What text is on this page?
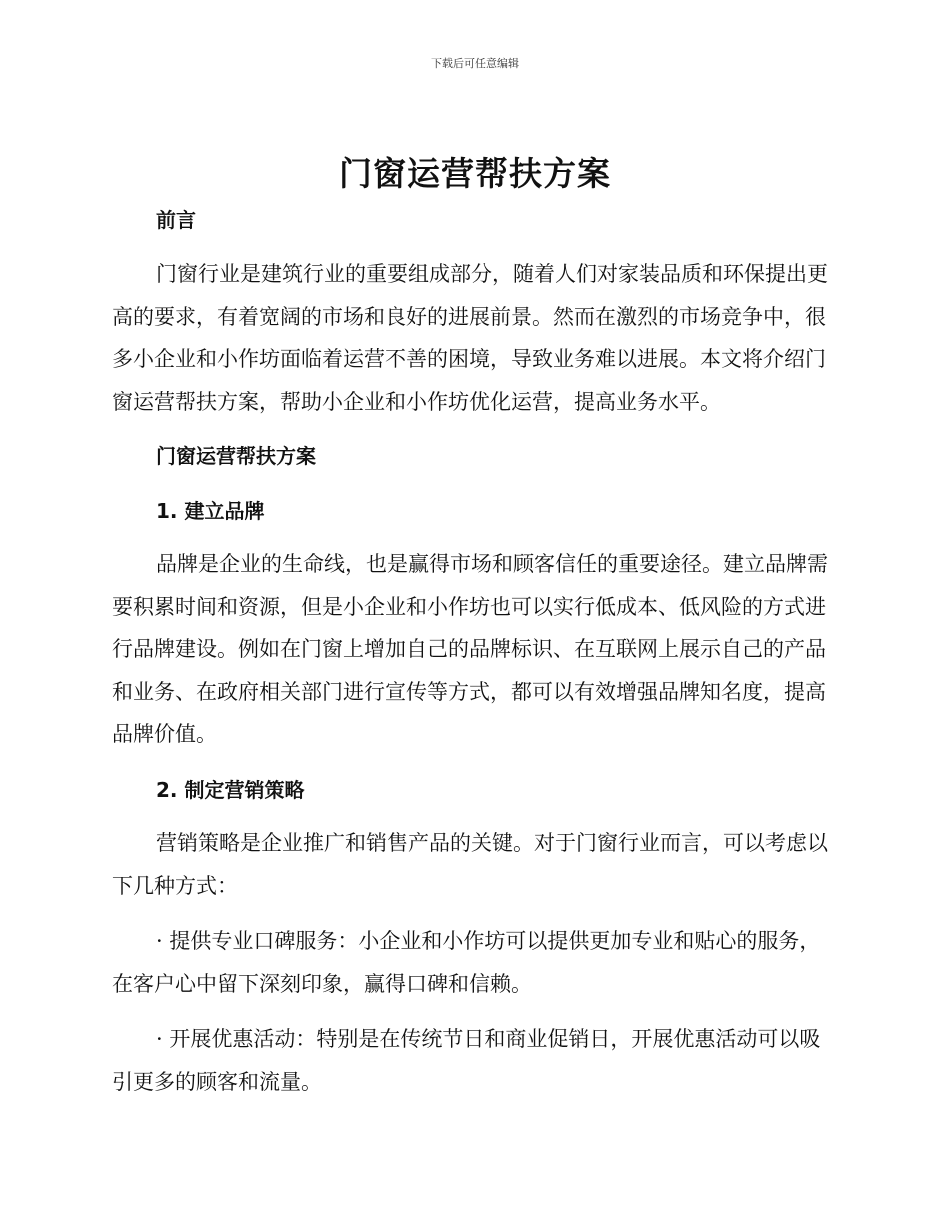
下载后可任意编辑
门窗运营帮扶方案
前言

门窗行业是建筑行业的重要组成部分，随着人们对家装品质和环保提出更高的要求，有着宽阔的市场和良好的进展前景。然而在激烈的市场竞争中，很多小企业和小作坊面临着运营不善的困境，导致业务难以进展。本文将介绍门窗运营帮扶方案，帮助小企业和小作坊优化运营，提高业务水平。

门窗运营帮扶方案
1. 建立品牌

品牌是企业的生命线，也是赢得市场和顾客信任的重要途径。建立品牌需要积累时间和资源，但是小企业和小作坊也可以实行低成本、低风险的方式进行品牌建设。例如在门窗上增加自己的品牌标识、在互联网上展示自己的产品和业务、在政府相关部门进行宣传等方式，都可以有效增强品牌知名度，提高品牌价值。

2. 制定营销策略

营销策略是企业推广和销售产品的关键。对于门窗行业而言，可以考虑以下几种方式：

· 提供专业口碑服务：小企业和小作坊可以提供更加专业和贴心的服务，在客户心中留下深刻印象，赢得口碑和信赖。

· 开展优惠活动：特别是在传统节日和商业促销日，开展优惠活动可以吸引更多的顾客和流量。
